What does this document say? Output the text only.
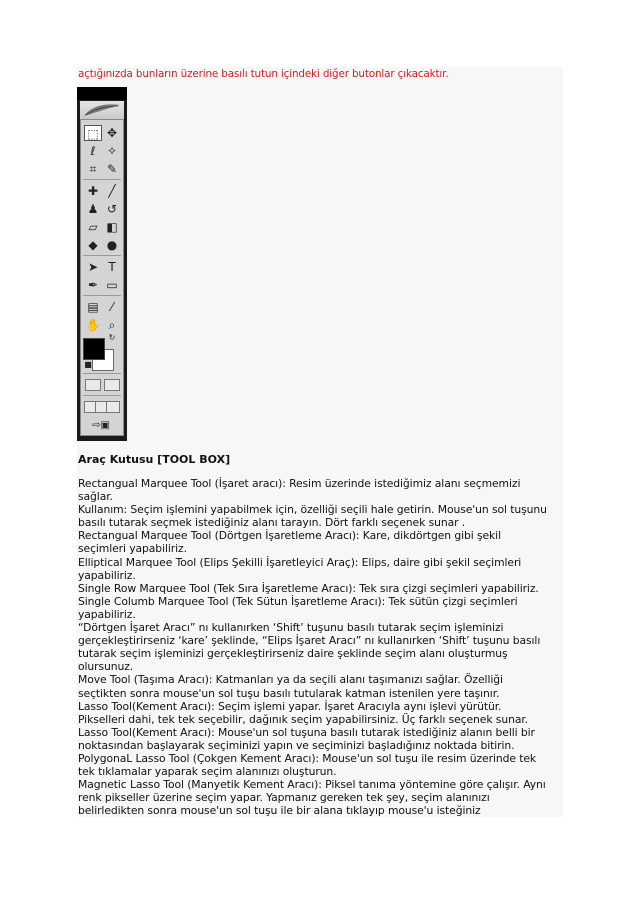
açtığınızda bunların üzerine basılı tutun içindeki diğer butonlar çıkacaktır.
⬚ ✥
ℓ ✧
⌗ ✎
✚ ╱
♟ ↺
▱ ◧
◆ ●
➤ T
✒ ▭
▤	⁄
✋ ⌕
↻
■
⇨▣
Araç Kutusu [TOOL BOX]

Rectangual Marquee Tool (İşaret aracı): Resim üzerinde istediğimiz alanı seçmemizi

sağlar.

Kullanım: Seçim işlemini yapabilmek için, özelliği seçili hale getirin. Mouse'un sol tuşunu

basılı tutarak seçmek istediğiniz alanı tarayın. Dört farklı seçenek sunar .

Rectangual Marquee Tool (Dörtgen İşaretleme Aracı): Kare, dikdörtgen gibi şekil

seçimleri yapabiliriz.

Elliptical Marquee Tool (Elips Şekilli İşaretleyici Araç): Elips, daire gibi şekil seçimleri

yapabiliriz.

Single Row Marquee Tool (Tek Sıra İşaretleme Aracı): Tek sıra çizgi seçimleri yapabiliriz.

Single Columb Marquee Tool (Tek Sütun İşaretleme Aracı): Tek sütün çizgi seçimleri

yapabiliriz.

“Dörtgen İşaret Aracı” nı kullanırken ‘Shift’ tuşunu basılı tutarak seçim işleminizi

gerçekleştirirseniz ‘kare’ şeklinde, “Elips İşaret Aracı” nı kullanırken ‘Shift’ tuşunu basılı

tutarak seçim işleminizi gerçekleştirirseniz daire şeklinde seçim alanı oluşturmuş

olursunuz.

Move Tool (Taşıma Aracı): Katmanları ya da seçili alanı taşımanızı sağlar. Özelliği

seçtikten sonra mouse'un sol tuşu basılı tutularak katman istenilen yere taşınır.

Lasso Tool(Kement Aracı): Seçim işlemi yapar. İşaret Aracıyla aynı işlevi yürütür.

Pikselleri dahi, tek tek seçebilir, dağınık seçim yapabilirsiniz. Üç farklı seçenek sunar.

Lasso Tool(Kement Aracı): Mouse'un sol tuşuna basılı tutarak istediğiniz alanın belli bir

noktasından başlayarak seçiminizi yapın ve seçiminizi başladığınız noktada bitirin.

PolygonaL Lasso Tool (Çokgen Kement Aracı): Mouse'un sol tuşu ile resim üzerinde tek

tek tıklamalar yaparak seçim alanınızı oluşturun.

Magnetic Lasso Tool (Manyetik Kement Aracı): Piksel tanıma yöntemine göre çalışır. Aynı

renk pikseller üzerine seçim yapar. Yapmanız gereken tek şey, seçim alanınızı

belirledikten sonra mouse'un sol tuşu ile bir alana tıklayıp mouse'u isteğiniz
